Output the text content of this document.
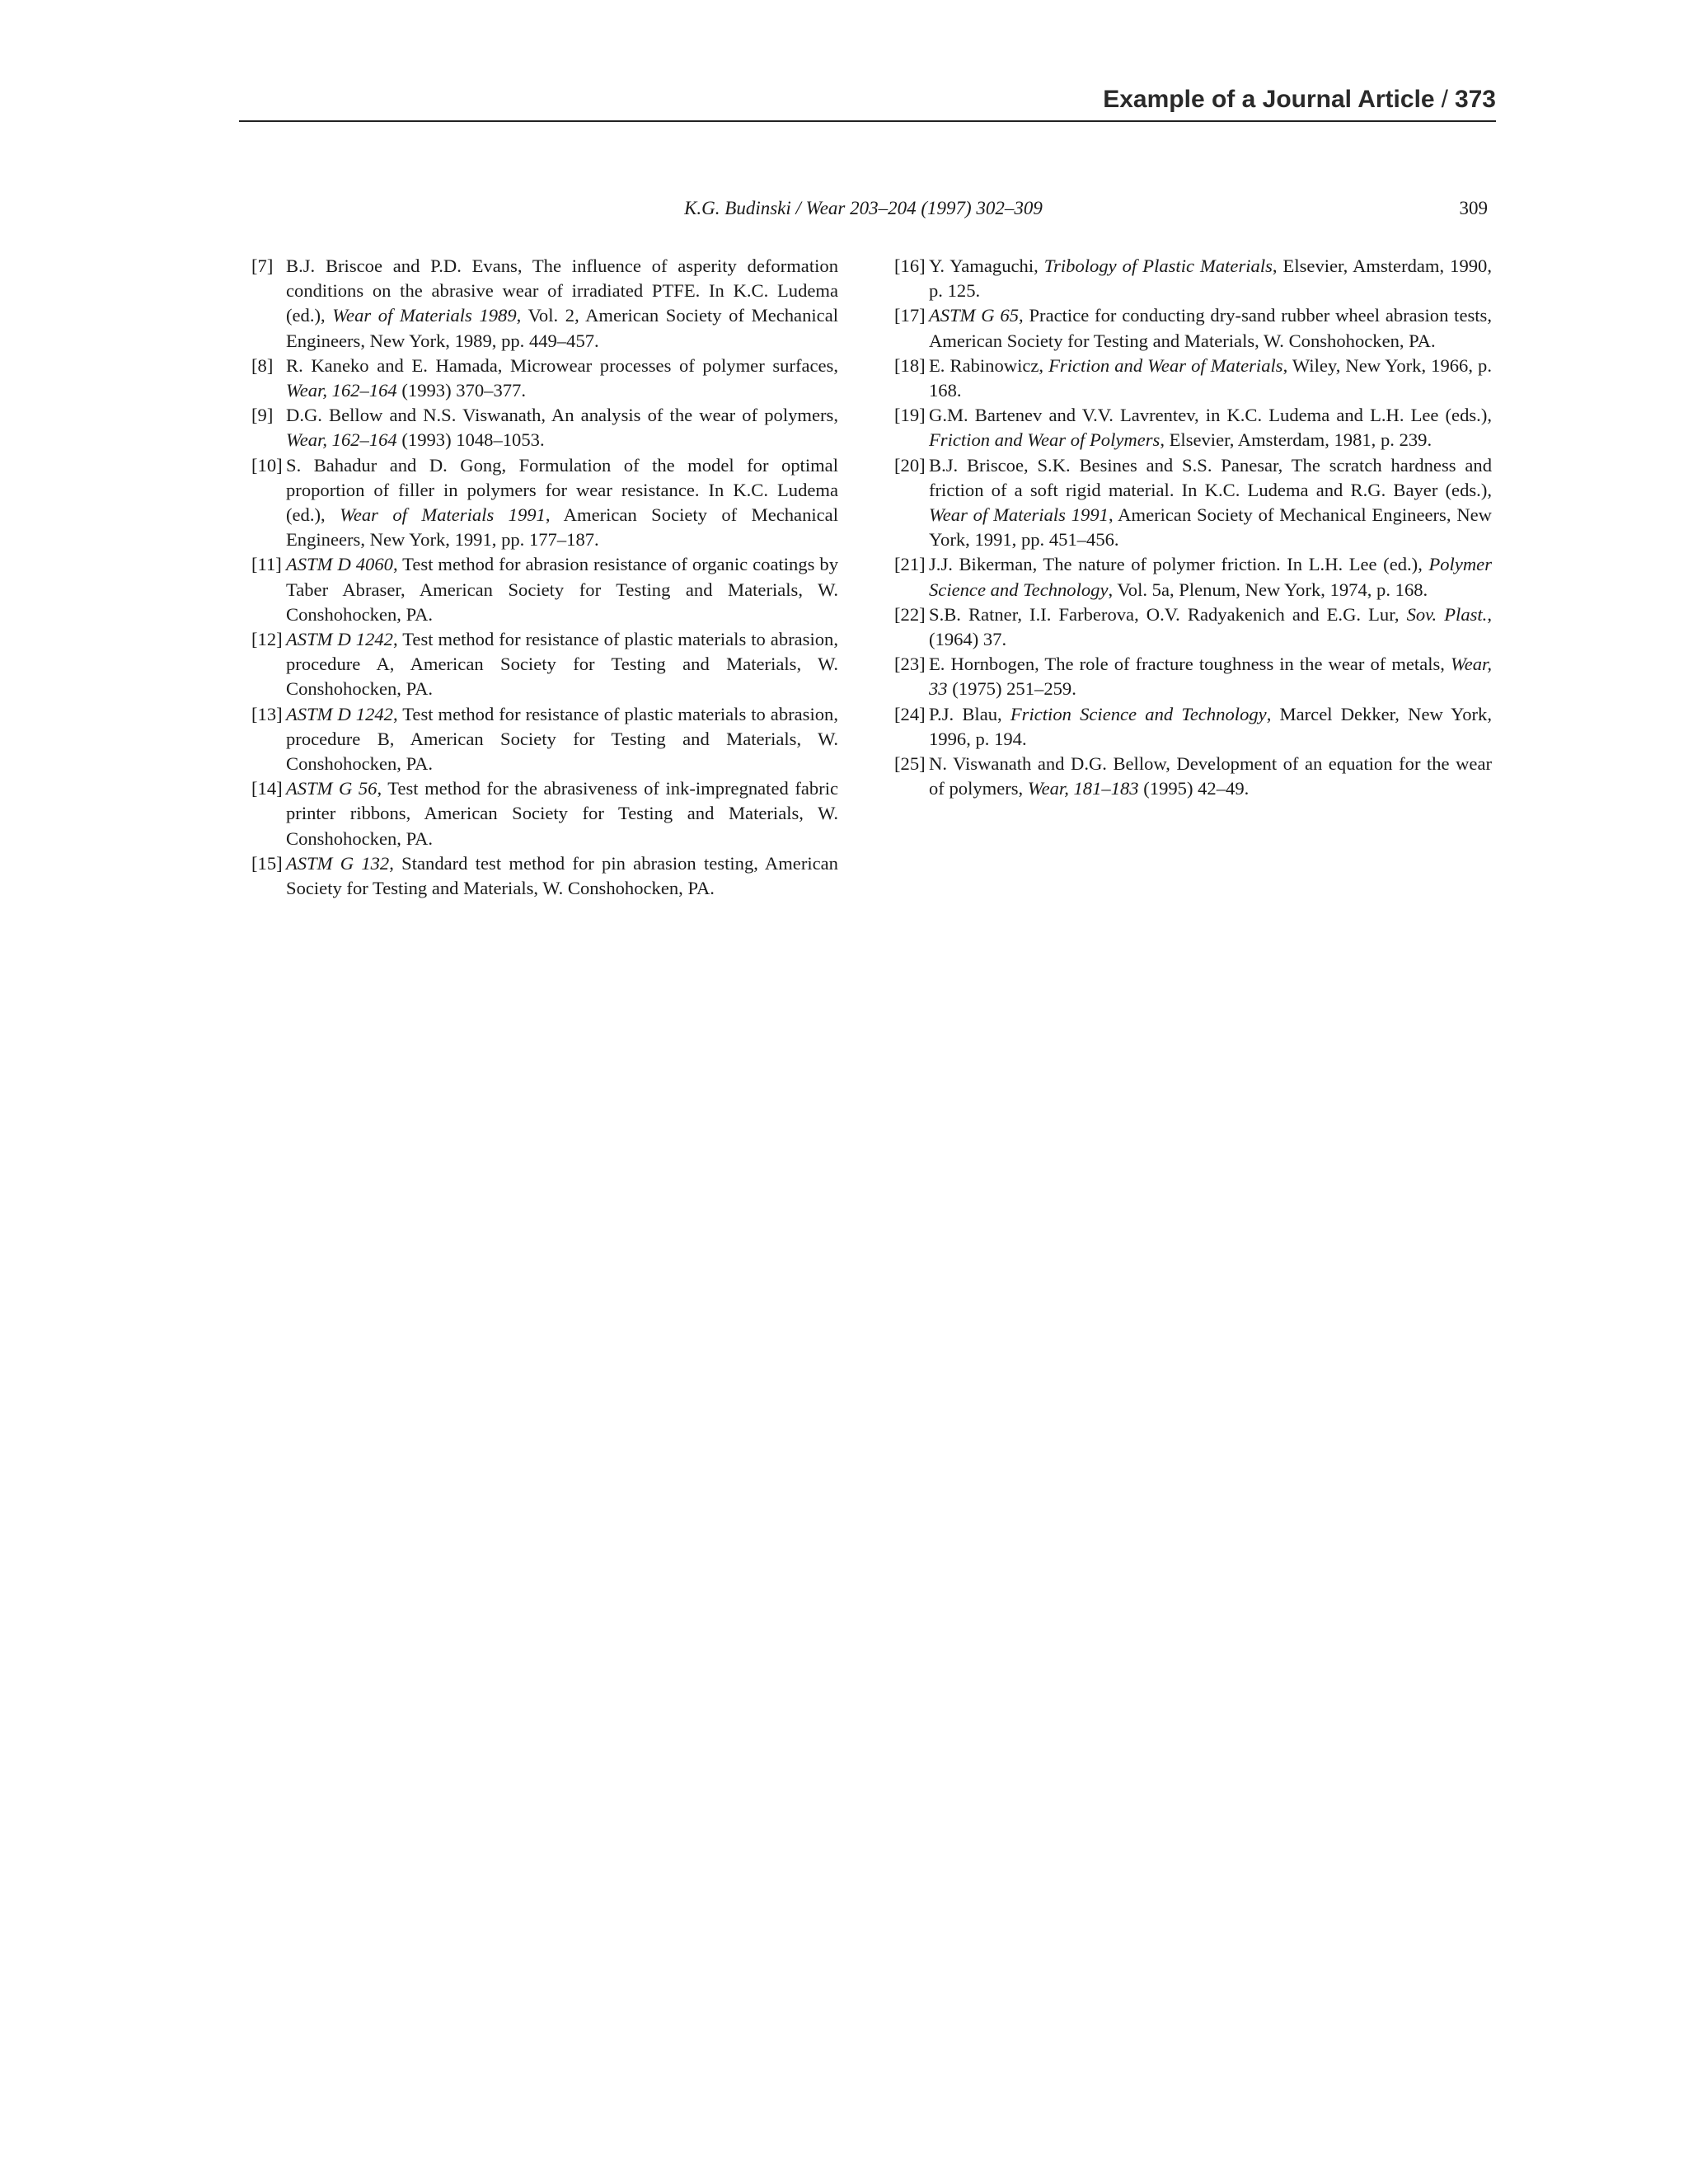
Example of a Journal Article / 373
K.G. Budinski / Wear 203–204 (1997) 302–309	309

[7] B.J. Briscoe and P.D. Evans, The influence of asperity deformation conditions on the abrasive wear of irradiated PTFE. In K.C. Ludema (ed.), Wear of Materials 1989, Vol. 2, American Society of Mechanical Engineers, New York, 1989, pp. 449–457.

[8] R. Kaneko and E. Hamada, Microwear processes of polymer surfaces, Wear, 162–164 (1993) 370–377.

[9] D.G. Bellow and N.S. Viswanath, An analysis of the wear of polymers, Wear, 162–164 (1993) 1048–1053.

[10] S. Bahadur and D. Gong, Formulation of the model for optimal proportion of filler in polymers for wear resistance. In K.C. Ludema (ed.), Wear of Materials 1991, American Society of Mechanical Engineers, New York, 1991, pp. 177–187.

[11] ASTM D 4060, Test method for abrasion resistance of organic coatings by Taber Abraser, American Society for Testing and Materials, W. Conshohocken, PA.

[12] ASTM D 1242, Test method for resistance of plastic materials to abrasion, procedure A, American Society for Testing and Materials, W. Conshohocken, PA.

[13] ASTM D 1242, Test method for resistance of plastic materials to abrasion, procedure B, American Society for Testing and Materials, W. Conshohocken, PA.

[14] ASTM G 56, Test method for the abrasiveness of ink-impregnated fabric printer ribbons, American Society for Testing and Materials, W. Conshohocken, PA.

[15] ASTM G 132, Standard test method for pin abrasion testing, American Society for Testing and Materials, W. Conshohocken, PA.

[16] Y. Yamaguchi, Tribology of Plastic Materials, Elsevier, Amsterdam, 1990, p. 125.

[17] ASTM G 65, Practice for conducting dry-sand rubber wheel abrasion tests, American Society for Testing and Materials, W. Conshohocken, PA.

[18] E. Rabinowicz, Friction and Wear of Materials, Wiley, New York, 1966, p. 168.

[19] G.M. Bartenev and V.V. Lavrentev, in K.C. Ludema and L.H. Lee (eds.), Friction and Wear of Polymers, Elsevier, Amsterdam, 1981, p. 239.

[20] B.J. Briscoe, S.K. Besines and S.S. Panesar, The scratch hardness and friction of a soft rigid material. In K.C. Ludema and R.G. Bayer (eds.), Wear of Materials 1991, American Society of Mechanical Engineers, New York, 1991, pp. 451–456.

[21] J.J. Bikerman, The nature of polymer friction. In L.H. Lee (ed.), Polymer Science and Technology, Vol. 5a, Plenum, New York, 1974, p. 168.

[22] S.B. Ratner, I.I. Farberova, O.V. Radyakenich and E.G. Lur, Sov. Plast., (1964) 37.

[23] E. Hornbogen, The role of fracture toughness in the wear of metals, Wear, 33 (1975) 251–259.

[24] P.J. Blau, Friction Science and Technology, Marcel Dekker, New York, 1996, p. 194.

[25] N. Viswanath and D.G. Bellow, Development of an equation for the wear of polymers, Wear, 181–183 (1995) 42–49.
